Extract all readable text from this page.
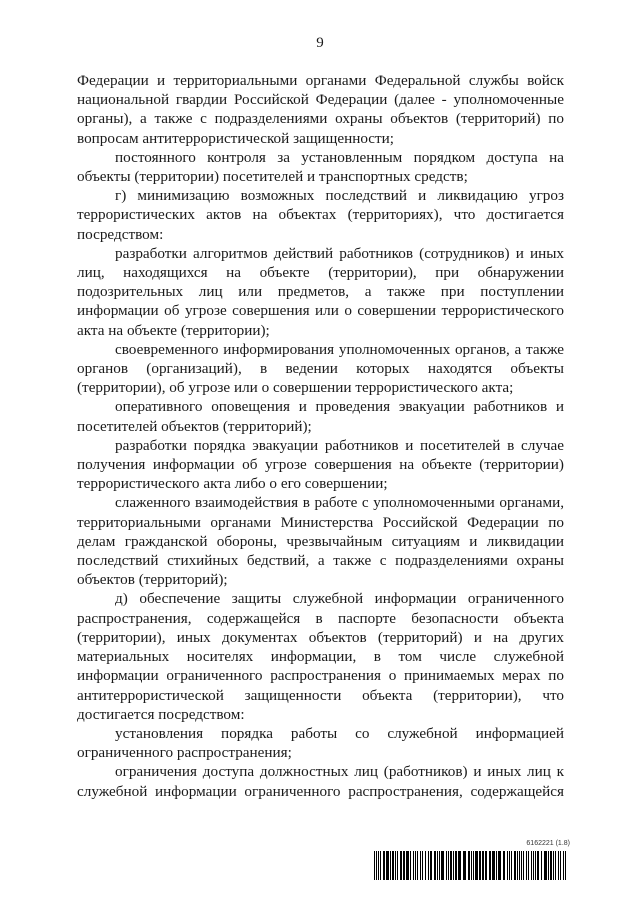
9

Федерации и территориальными органами Федеральной службы войск национальной гвардии Российской Федерации (далее - уполномоченные органы), а также с подразделениями охраны объектов (территорий) по вопросам антитеррористической защищенности;

постоянного контроля за установленным порядком доступа на объекты (территории) посетителей и транспортных средств;

г) минимизацию возможных последствий и ликвидацию угроз террористических актов на объектах (территориях), что достигается посредством:

разработки алгоритмов действий работников (сотрудников) и иных лиц, находящихся на объекте (территории), при обнаружении подозрительных лиц или предметов, а также при поступлении информации об угрозе совершения или о совершении террористического акта на объекте (территории);

своевременного информирования уполномоченных органов, а также органов (организаций), в ведении которых находятся объекты (территории), об угрозе или о совершении террористического акта;

оперативного оповещения и проведения эвакуации работников и посетителей объектов (территорий);

разработки порядка эвакуации работников и посетителей в случае получения информации об угрозе совершения на объекте (территории) террористического акта либо о его совершении;

слаженного взаимодействия в работе с уполномоченными органами, территориальными органами Министерства Российской Федерации по делам гражданской обороны, чрезвычайным ситуациям и ликвидации последствий стихийных бедствий, а также с подразделениями охраны объектов (территорий);

д) обеспечение защиты служебной информации ограниченного распространения, содержащейся в паспорте безопасности объекта (территории), иных документах объектов (территорий) и на других материальных носителях информации, в том числе служебной информации ограниченного распространения о принимаемых мерах по антитеррористической защищенности объекта (территории), что достигается посредством:

установления порядка работы со служебной информацией ограниченного распространения;

ограничения доступа должностных лиц (работников) и иных лиц к служебной информации ограниченного распространения, содержащейся

6162221 (1.8)
